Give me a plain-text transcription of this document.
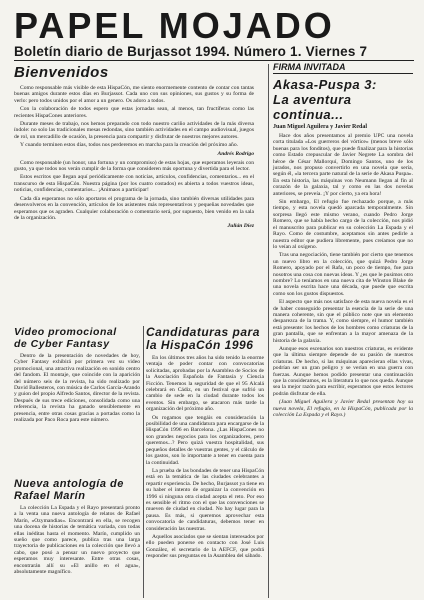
PAPEL MOJADO
Boletín diario de Burjassot 1994. Número 1. Viernes 7
Bienvenidos

Como responsable más visible de esta HispaCón, me siento enormemente contento de contar con tantas buenas amigos durante estos días en Burjassot. Cada uno con sus opiniones, sus gustos y su forma de verlo: pero todos unidos por el amor a un genero. Os adoro a todos.

Con la colaboración de todos espero que estas jornadas sean, al menos, tan fructíferas como las recientes HispaCones anteriores.

Durante meses de trabajo, nos hemos preparado con todo nuestro cariño actividades de la más diversa índole: no solo las tradicionales mesas redondas, sino también actividades en el campo audiovisual, juegos de rol, un mercadillo de ocasión, la presencia para compartir y disfrutar de nuestros mejores autores.

Y cuando terminen estos días, todos nos perderemos en marcha para la creación del próximo año.

Andrés Rodrigo

Como responsable (un honor, una fortuna y un compromiso) de estas hojas, que esperamos leyerais con gusto, ya que todos nos verán cumplir de la forma que consideren más oportuna y divertida para el lector.

Estos escritos que llegan aquí periódicamente con noticias, artículos, confidencias, comentarios... en el transcurso de esta HispaCón. Nuestra página (por los cuatro costados) es abierta a todos vuestros ideas, noticias, confidencias, comentarios... ¡Animaos a participar!

Cada día esperamos no sólo aportaros el programa de la jornada, sino también diversas utilidades para desenvolveros en la convención, artículos de los asistentes más representativos y pequeñas novedades que esperamos que os agraden. Cualquier colaboración o comentario será, por supuesto, bien venido en la sala de la organización.

Julián Díez
Video promocional
de Cyber Fantasy

Dentro de la presentación de novedades de hoy, Cyber Fantasy exhibirá por primera vez su video promocional, una atractiva realización en sonido centro del fandom. El montaje, que coincide con la aparición del número seis de la revista, ha sido realizado por David Ballesteros, con música de Carlos García-Arando y guion del propio Alfredo Santos, director de la revista. Después de sus trece ediciones, consolidada como una referencia, la revista ha ganado sensiblemente en presencia, entre otras cosas gracias a portadas como la realizada por Paco Roca para este número.

Nueva antología de
Rafael Marín

La colección La Espada y el Rayo presentará pronto a la venta una nueva antología de relatos de Rafael Marín, «Ozymandias». Encontrará en ella, se recogen una docena de historias de temática variada, con todas ellas inéditas hasta el momento. Marín, cumplido un sueño que como parece, publica tras una larga trayectoria de publicaciones en la colección que llevó a cabo, que posó a pensar un nuevo proyecto que esperamos muy interesante. Entre otras cosas, encontrarán allí su «El anillo en el agua», absolutamente magnífico.

Candidaturas para
la HispaCón 1996

En los últimos tres años ha sido tenido la enorme ventaja de poder contar con convocatorias solicitadas, aprobadas por la Asamblea de Socios de la Asociación Española de Fantasía y Ciencia Ficción. Tenemos la seguridad de que el 95 Alcalá celebrará en Cádiz, en un festival que sufrió un cambio de sede en la ciudad durante todos los eventos. Sin embargo, se atacaron más tarde la organización del próximo año.

Os rogamos que tengáis en consideración la posibilidad de una candidatura para encargarse de la HispaCón 1996 en Barcelona. ¿Las HispaCones no son grandes negocios para los organizadores, pero queremos...? Pero quizá vuestra hospitalidad, sus pequeños detalles de vuestras gentes, y el cálculo de los gastos, son lo importante a tener en cuenta para la continuidad.

La prueba de las bondades de tener una HispaCón está en la temática de las ciudades celebrantes a repartir experiencia. De hecho, Burjassot ya tiene en su haber el intento de organizar la convención en 1996 si ninguna otra ciudad acepta el reto. Por eso es sensible el ritmo con el que las convenciones se mueven de ciudad en ciudad. No hay lugar para la pausa. Es más, si queremos aprovechar esta convocatoria de candidaturas, debemos tener en consideración las nuestras.

Aquellos asociados que se sientan interesados por ello pueden ponerse en contacto con José Luis González, el secretario de la AEFCF, que podrá responder sus preguntas en la Asamblea del sábado.

FIRMA INVITADA
Akasa-Puspa 3:
La aventura
continua...
Juan Miguel Aguilera y Javier Redal

Hace dos años presentamos al premio UPC una novela corta titulada «Los guerreros del vórtice» (menos breve sólo buenas para los fonditos), que puede finalizar para la historias como Estado crepuscular de Javier Negrete La sombra del héroe de César Mallorquí, Domingo Santos, uno de los jurados, nos propuso convertirlo en una novela que sería, según él, «la tercera parte natural de la serie de Akasa Puspa». En esta historia, las máquinas von Neumann llegan al fin al corazón de la galaxia, tal y como en las dos novelas anteriores, se preveía. ¡Y por cierto, ya era hora!

Sin embargo, El refugio fue rechazado porque, a más tiempo, y esta novela quedó aparcada temporalmente. Sin sorpresa llegó este mismo verano, cuando Pedro Jorge Romero, que se había hecho cargo de la colección, nos pidió el manuscrito para publicar en su colección La Espada y el Rayo. Como de costumbre, aceptamos sin antes pedirle a nuestra editor que pudiera libremente, pues creíamos que no lo veían al oxígeno.

Tras una negociación, tiene también por cierto que tenemos un nuevo libro en la colección, que quizá Pedro Jorge Romero, apoyado por el Rafa, un poco de tiempo, fue para nosotros una cosa con nuevas ideas. Y ¿es que le pusimos otro nombre? Lo teníamos en una nueva cita de Winston Blake de una novela escrita hace una década, que puede que escrita como son los gustos dispuestos.

El aspecto que más nos satisface de esta nueva novela es el de haber conseguido presentar la esencia de la serie de una manera coherente, sin que el público note que un elemento desparezca de la trama. Y, como siempre, el humor también está presente: los hechos de los hombres como criaturas de la gran pantalla, que se enfrentan a la mayor amenaza de la historia de la galaxia.

Aunque esos escenarios son nuestros criaturas, es evidente que la última siempre depende de su pasión de nuestros criaturas. De hecho, si las máquinas aparecieran ellas vivas, podrían ser un gran peligro y se verían en una guerra con fuerzas. Aunque hemos podido presentar una continuación que la consideramos, es la literatura lo que nos queda. Aunque sea la mejor razón para escribir, esperamos que estos lectores podrán disfrutar de ella.

(Juan Miguel Aguilera y Javier Redal presentan hoy su nueva novela, El refugio, en la HispaCón, publicada por la colección La Espada y el Rayo.)
